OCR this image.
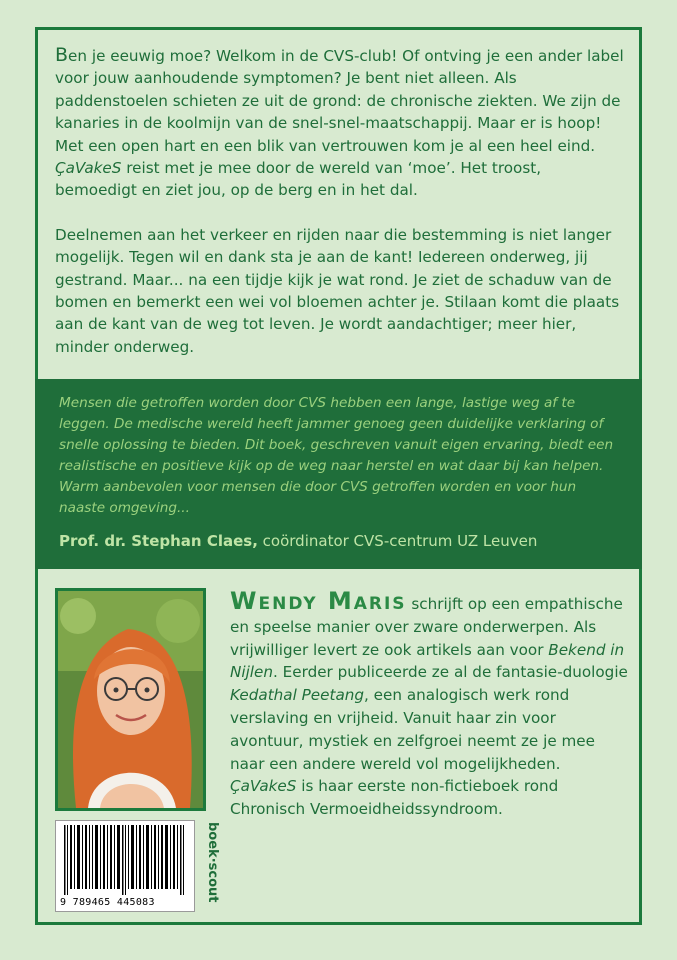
Ben je eeuwig moe? Welkom in de CVS-club! Of ontving je een ander label voor jouw aanhoudende symptomen? Je bent niet alleen. Als paddenstoelen schieten ze uit de grond: de chronische ziekten. We zijn de kanaries in de koolmijn van de snel-snel-maatschappij. Maar er is hoop! Met een open hart en een blik van vertrouwen kom je al een heel eind. ÇaVakeS reist met je mee door de wereld van ‘moe’. Het troost, bemoedigt en ziet jou, op de berg en in het dal.

Deelnemen aan het verkeer en rijden naar die bestemming is niet langer mogelijk. Tegen wil en dank sta je aan de kant! Iedereen onderweg, jij gestrand. Maar... na een tijdje kijk je wat rond. Je ziet de schaduw van de bomen en bemerkt een wei vol bloemen achter je. Stilaan komt die plaats aan de kant van de weg tot leven. Je wordt aandachtiger; meer hier, minder onderweg.

Mensen die getroffen worden door CVS hebben een lange, lastige weg af te leggen. De medische wereld heeft jammer genoeg geen duidelijke verklaring of snelle oplossing te bieden. Dit boek, geschreven vanuit eigen ervaring, biedt een realistische en positieve kijk op de weg naar herstel en wat daar bij kan helpen. Warm aanbevolen voor mensen die door CVS getroffen worden en voor hun naaste omgeving...

Prof. dr. Stephan Claes, coördinator CVS-centrum UZ Leuven
9 789465 445083
boek·scout
Wendy Maris schrijft op een empathische en speelse manier over zware onderwerpen. Als vrijwilliger levert ze ook artikels aan voor Bekend in Nijlen. Eerder publiceerde ze al de fantasie-duologie Kedathal Peetang, een analogisch werk rond verslaving en vrijheid. Vanuit haar zin voor avontuur, mystiek en zelfgroei neemt ze je mee naar een andere wereld vol mogelijkheden. ÇaVakeS is haar eerste non-fictieboek rond Chronisch Vermoeidheidssyndroom.
